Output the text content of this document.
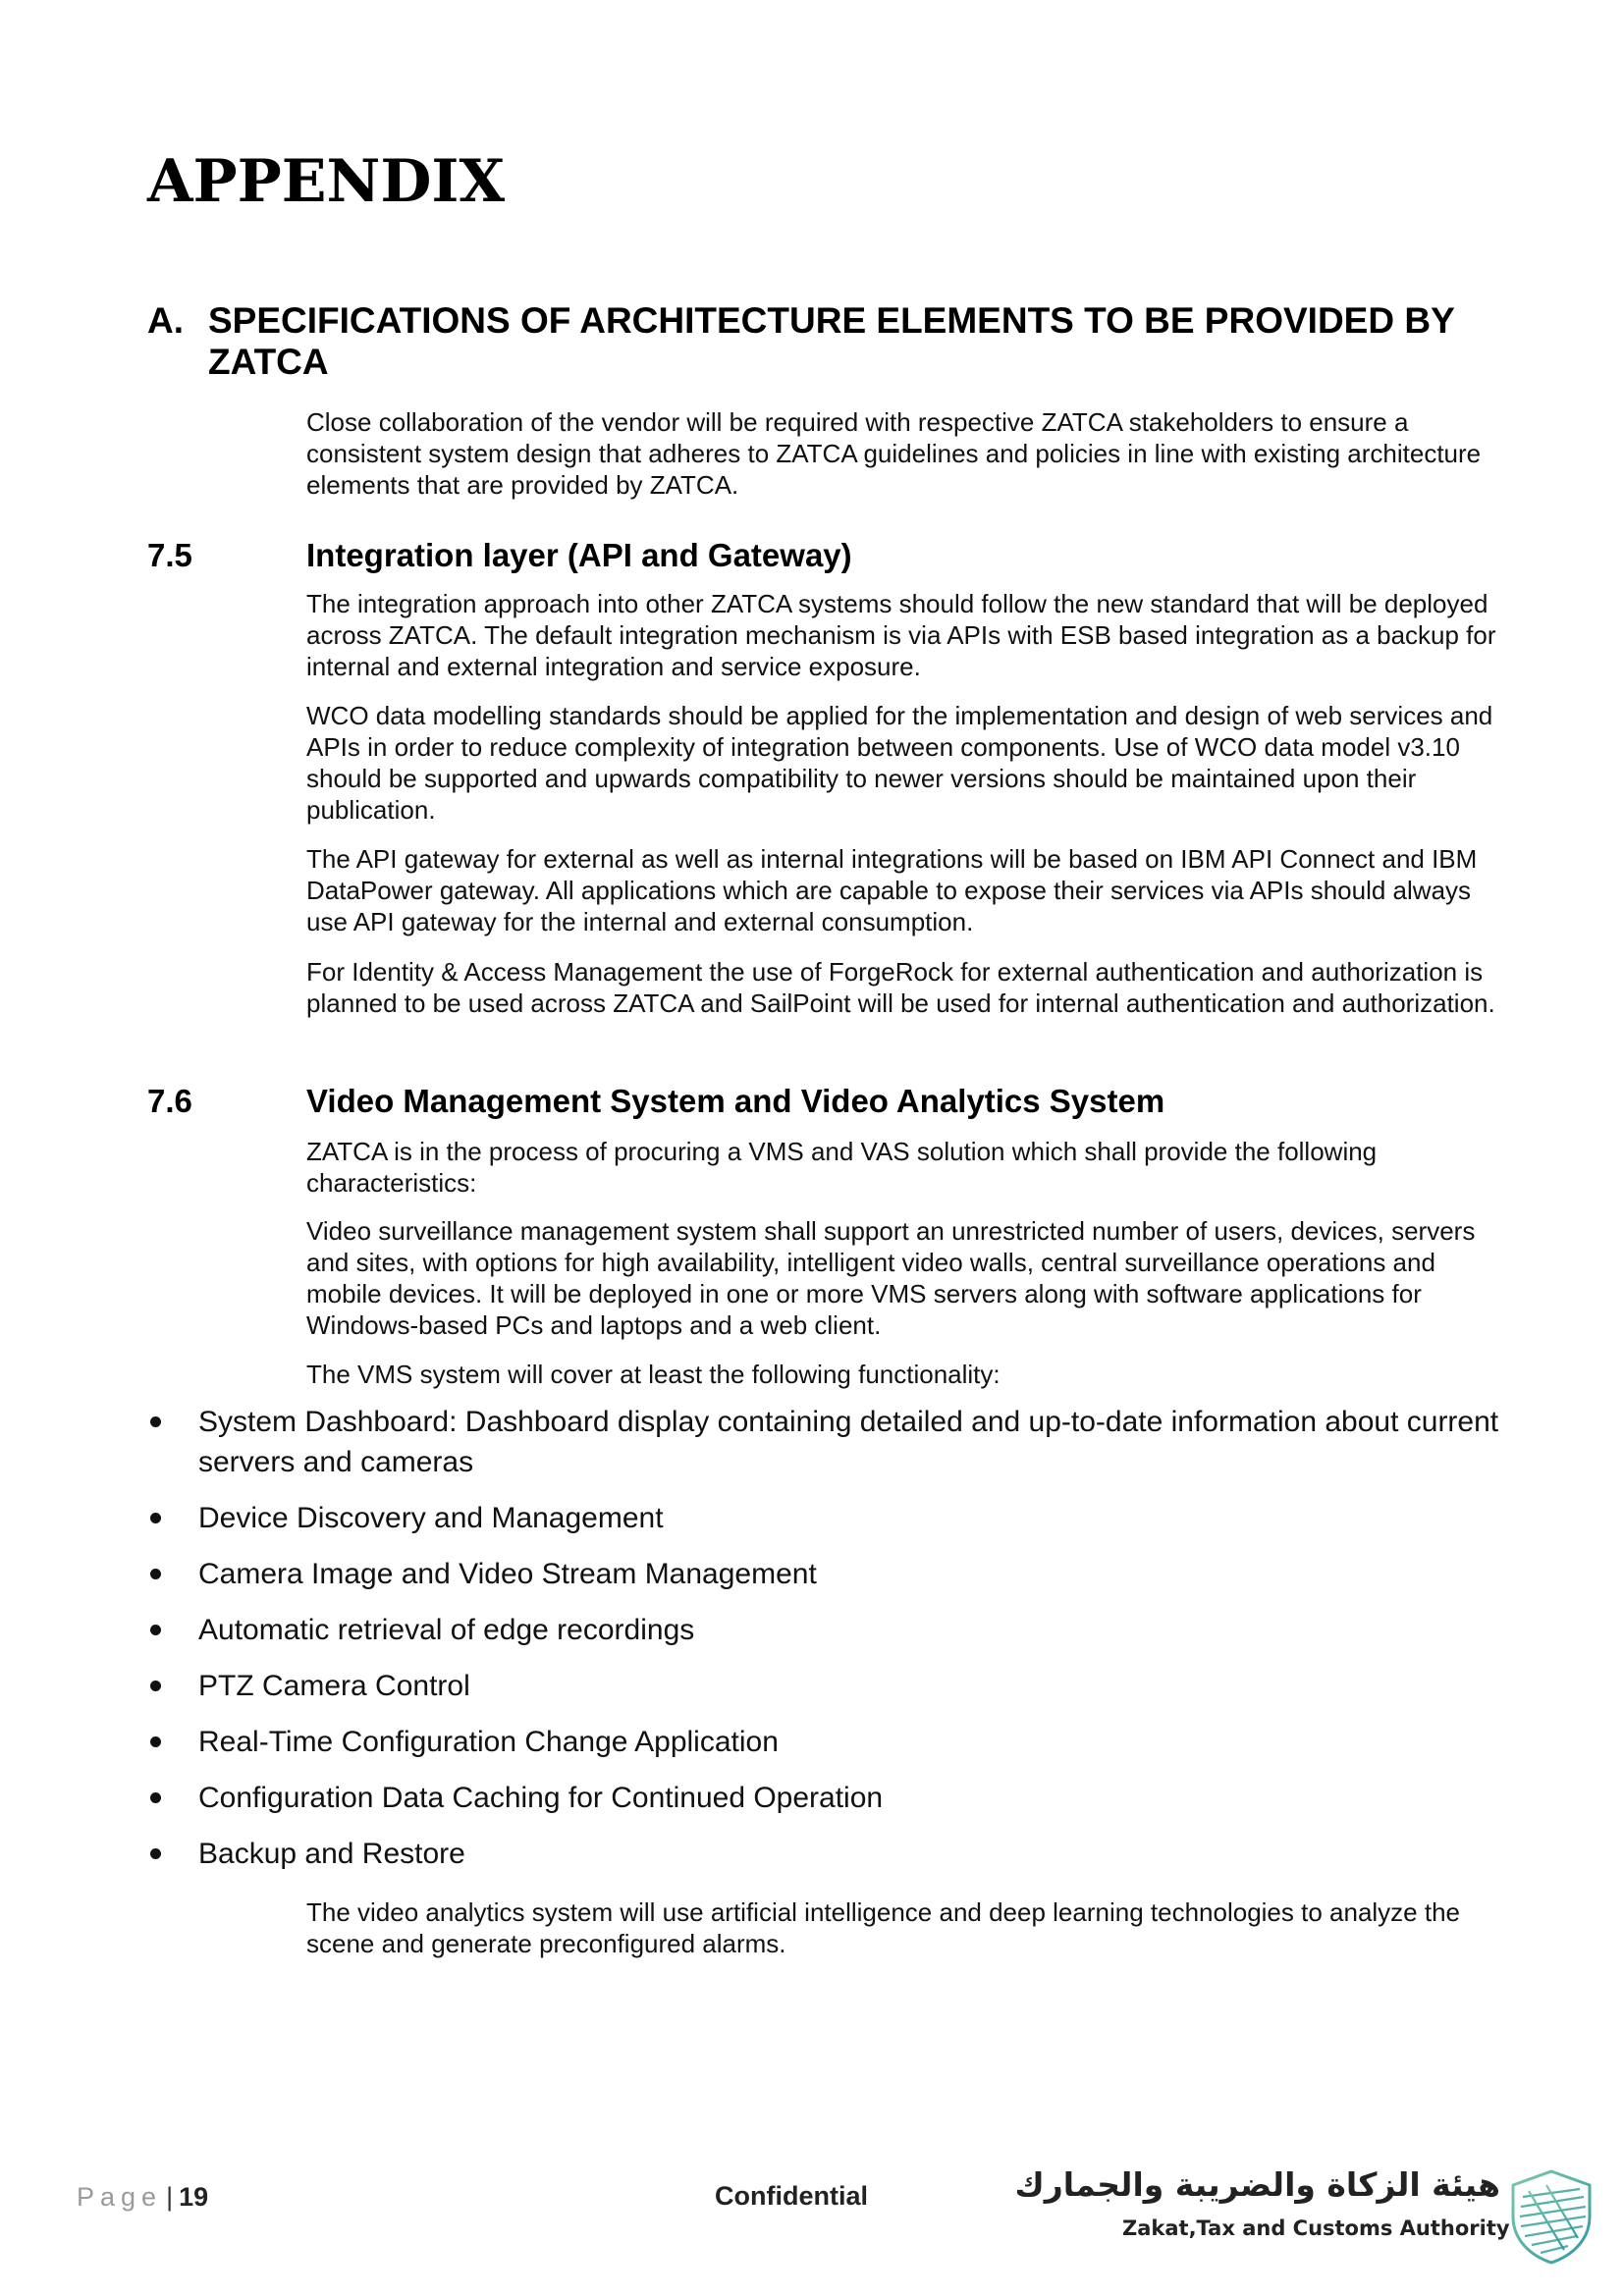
APPENDIX
A. SPECIFICATIONS OF ARCHITECTURE ELEMENTS TO BE PROVIDED BY ZATCA

Close collaboration of the vendor will be required with respective ZATCA stakeholders to ensure a consistent system design that adheres to ZATCA guidelines and policies in line with existing architecture elements that are provided by ZATCA.

7.5	Integration layer (API and Gateway)

The integration approach into other ZATCA systems should follow the new standard that will be deployed across ZATCA. The default integration mechanism is via APIs with ESB based integration as a backup for internal and external integration and service exposure.

WCO data modelling standards should be applied for the implementation and design of web services and APIs in order to reduce complexity of integration between components. Use of WCO data model v3.10 should be supported and upwards compatibility to newer versions should be maintained upon their publication.

The API gateway for external as well as internal integrations will be based on IBM API Connect and IBM DataPower gateway. All applications which are capable to expose their services via APIs should always use API gateway for the internal and external consumption.

For Identity & Access Management the use of ForgeRock for external authentication and authorization is planned to be used across ZATCA and SailPoint will be used for internal authentication and authorization.

7.6	Video Management System and Video Analytics System

ZATCA is in the process of procuring a VMS and VAS solution which shall provide the following characteristics:

Video surveillance management system shall support an unrestricted number of users, devices, servers and sites, with options for high availability, intelligent video walls, central surveillance operations and mobile devices. It will be deployed in one or more VMS servers along with software applications for Windows-based PCs and laptops and a web client.

The VMS system will cover at least the following functionality:

System Dashboard: Dashboard display containing detailed and up-to-date information about current servers and cameras
Device Discovery and Management
Camera Image and Video Stream Management
Automatic retrieval of edge recordings
PTZ Camera Control
Real-Time Configuration Change Application
Configuration Data Caching for Continued Operation
Backup and Restore

The video analytics system will use artificial intelligence and deep learning technologies to analyze the scene and generate preconfigured alarms.

Page | 19	Confidential	هيئة الزكاة والضريبة والجمارك
Zakat,Tax and Customs Authority
